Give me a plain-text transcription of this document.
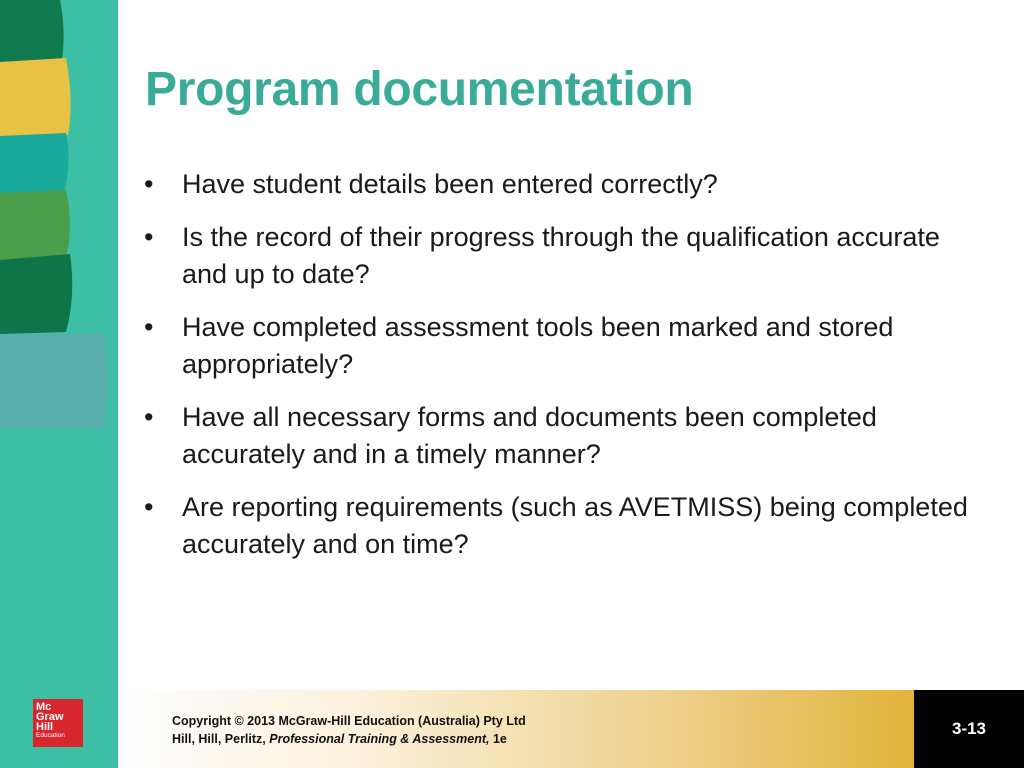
Program documentation
• Have student details been entered correctly?
• Is the record of their progress through the qualification accurate and up to date?
• Have completed assessment tools been marked and stored appropriately?
• Have all necessary forms and documents been completed accurately and in a timely manner?
• Are reporting requirements (such as AVETMISS) being completed accurately and on time?
Mc
Graw
Hill
Education
Copyright © 2013 McGraw-Hill Education (Australia) Pty Ltd
Hill, Hill, Perlitz, Professional Training & Assessment, 1e
3-13
